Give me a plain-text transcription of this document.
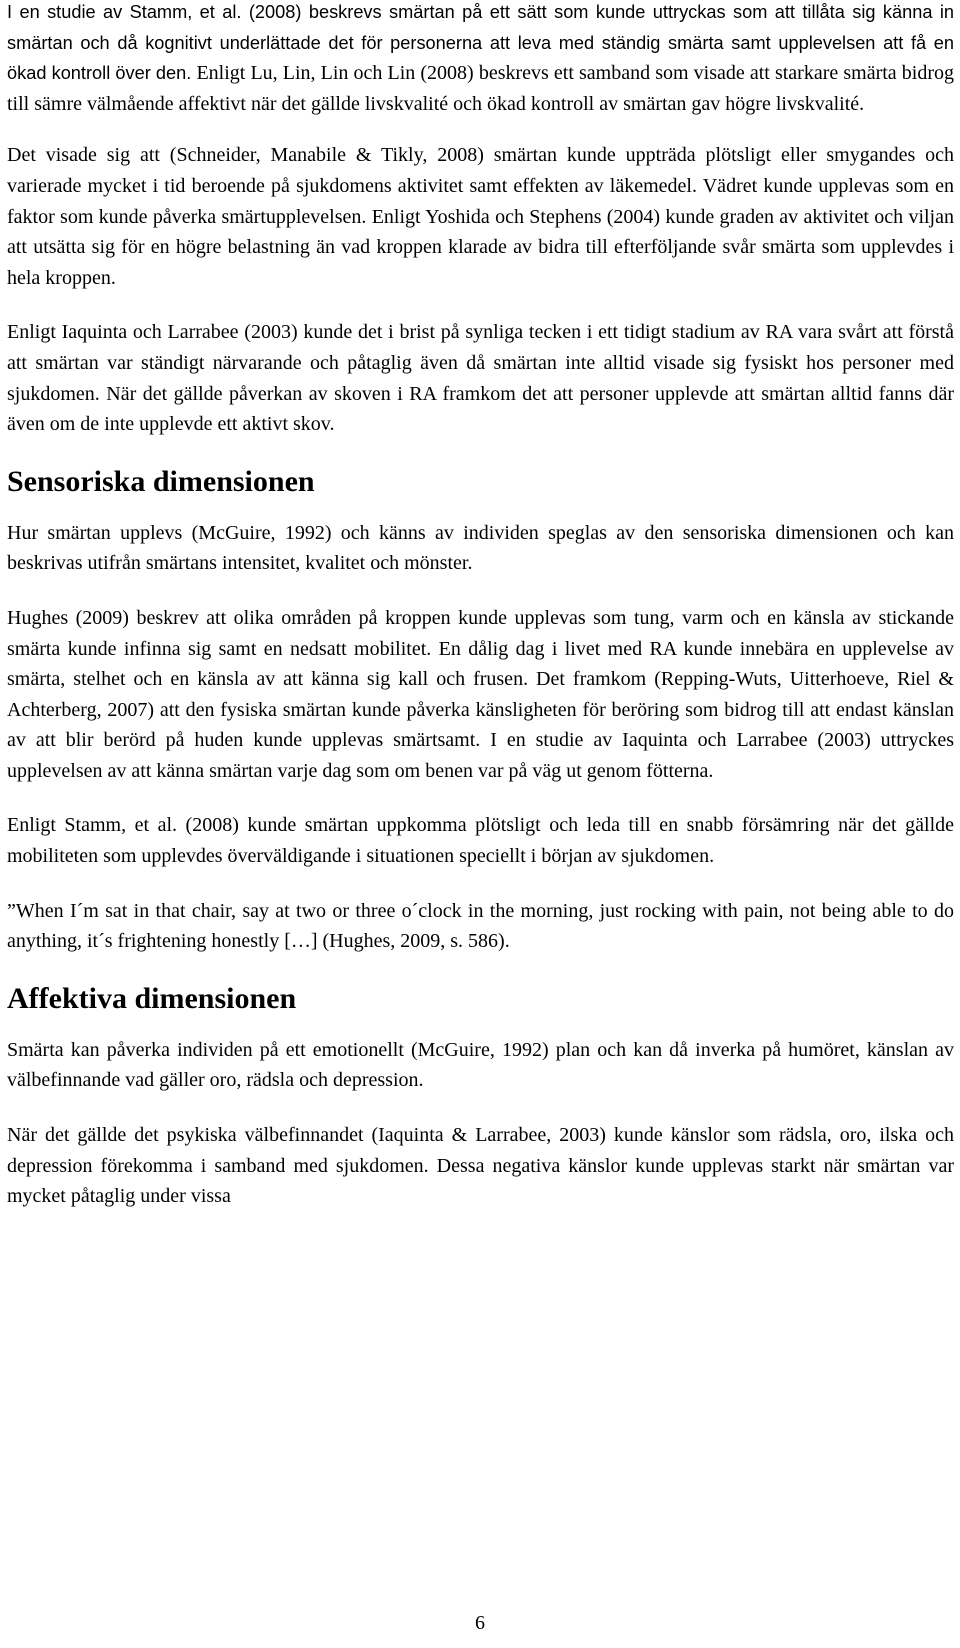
I en studie av Stamm, et al. (2008) beskrevs smärtan på ett sätt som kunde uttryckas som att tillåta sig känna in smärtan och då kognitivt underlättade det för personerna att leva med ständig smärta samt upplevelsen att få en ökad kontroll över den. Enligt Lu, Lin, Lin och Lin (2008) beskrevs ett samband som visade att starkare smärta bidrog till sämre välmående affektivt när det gällde livskvalité och ökad kontroll av smärtan gav högre livskvalité.

Det visade sig att (Schneider, Manabile & Tikly, 2008) smärtan kunde uppträda plötsligt eller smygandes och varierade mycket i tid beroende på sjukdomens aktivitet samt effekten av läkemedel. Vädret kunde upplevas som en faktor som kunde påverka smärtupplevelsen. Enligt Yoshida och Stephens (2004) kunde graden av aktivitet och viljan att utsätta sig för en högre belastning än vad kroppen klarade av bidra till efterföljande svår smärta som upplevdes i hela kroppen.

Enligt Iaquinta och Larrabee (2003) kunde det i brist på synliga tecken i ett tidigt stadium av RA vara svårt att förstå att smärtan var ständigt närvarande och påtaglig även då smärtan inte alltid visade sig fysiskt hos personer med sjukdomen. När det gällde påverkan av skoven i RA framkom det att personer upplevde att smärtan alltid fanns där även om de inte upplevde ett aktivt skov.

Sensoriska dimensionen

Hur smärtan upplevs (McGuire, 1992) och känns av individen speglas av den sensoriska dimensionen och kan beskrivas utifrån smärtans intensitet, kvalitet och mönster.

Hughes (2009) beskrev att olika områden på kroppen kunde upplevas som tung, varm och en känsla av stickande smärta kunde infinna sig samt en nedsatt mobilitet. En dålig dag i livet med RA kunde innebära en upplevelse av smärta, stelhet och en känsla av att känna sig kall och frusen. Det framkom (Repping-Wuts, Uitterhoeve, Riel & Achterberg, 2007) att den fysiska smärtan kunde påverka känsligheten för beröring som bidrog till att endast känslan av att blir berörd på huden kunde upplevas smärtsamt. I en studie av Iaquinta och Larrabee (2003) uttryckes upplevelsen av att känna smärtan varje dag som om benen var på väg ut genom fötterna.

Enligt Stamm, et al. (2008) kunde smärtan uppkomma plötsligt och leda till en snabb försämring när det gällde mobiliteten som upplevdes överväldigande i situationen speciellt i början av sjukdomen.

”When I´m sat in that chair, say at two or three o´clock in the morning, just rocking with pain, not being able to do anything, it´s frightening honestly […] (Hughes, 2009, s. 586).

Affektiva dimensionen

Smärta kan påverka individen på ett emotionellt (McGuire, 1992) plan och kan då inverka på humöret, känslan av välbefinnande vad gäller oro, rädsla och depression.

När det gällde det psykiska välbefinnandet (Iaquinta & Larrabee, 2003) kunde känslor som rädsla, oro, ilska och depression förekomma i samband med sjukdomen. Dessa negativa känslor kunde upplevas starkt när smärtan var mycket påtaglig under vissa

6
